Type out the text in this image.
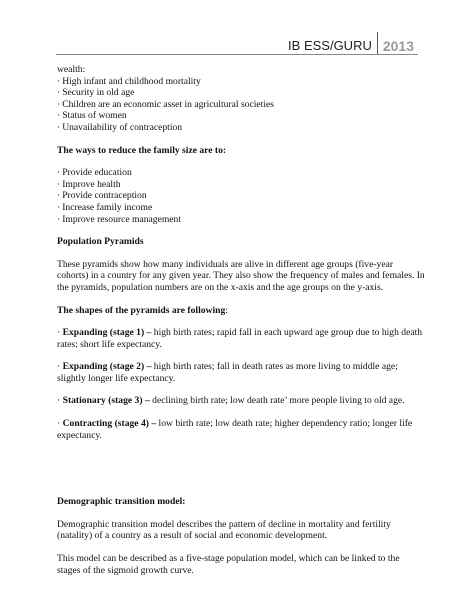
IB ESS/GURU 2013

wealth:

· High infant and childhood mortality
· Security in old age
· Children are an economic asset in agricultural societies
· Status of women
· Unavailability of contraception

The ways to reduce the family size are to:

· Provide education
· Improve health
· Provide contraception
· Increase family income
· Improve resource management

Population Pyramids

These pyramids show how many individuals are alive in different age groups (five-year cohorts) in a country for any given year. They also show the frequency of males and females. In the pyramids, population numbers are on the x-axis and the age groups on the y-axis.

The shapes of the pyramids are following:

· Expanding (stage 1) – high birth rates; rapid fall in each upward age group due to high death rates; short life expectancy.

· Expanding (stage 2) – high birth rates; fall in death rates as more living to middle age; slightly longer life expectancy.

· Stationary (stage 3) – declining birth rate; low death rate’ more people living to old age.

· Contracting (stage 4) – low birth rate; low death rate; higher dependency ratio; longer life expectancy.

Demographic transition model:

Demographic transition model describes the pattern of decline in mortality and fertility (natality) of a country as a result of social and economic development.

This model can be described as a five-stage population model, which can be linked to the stages of the sigmoid growth curve.
